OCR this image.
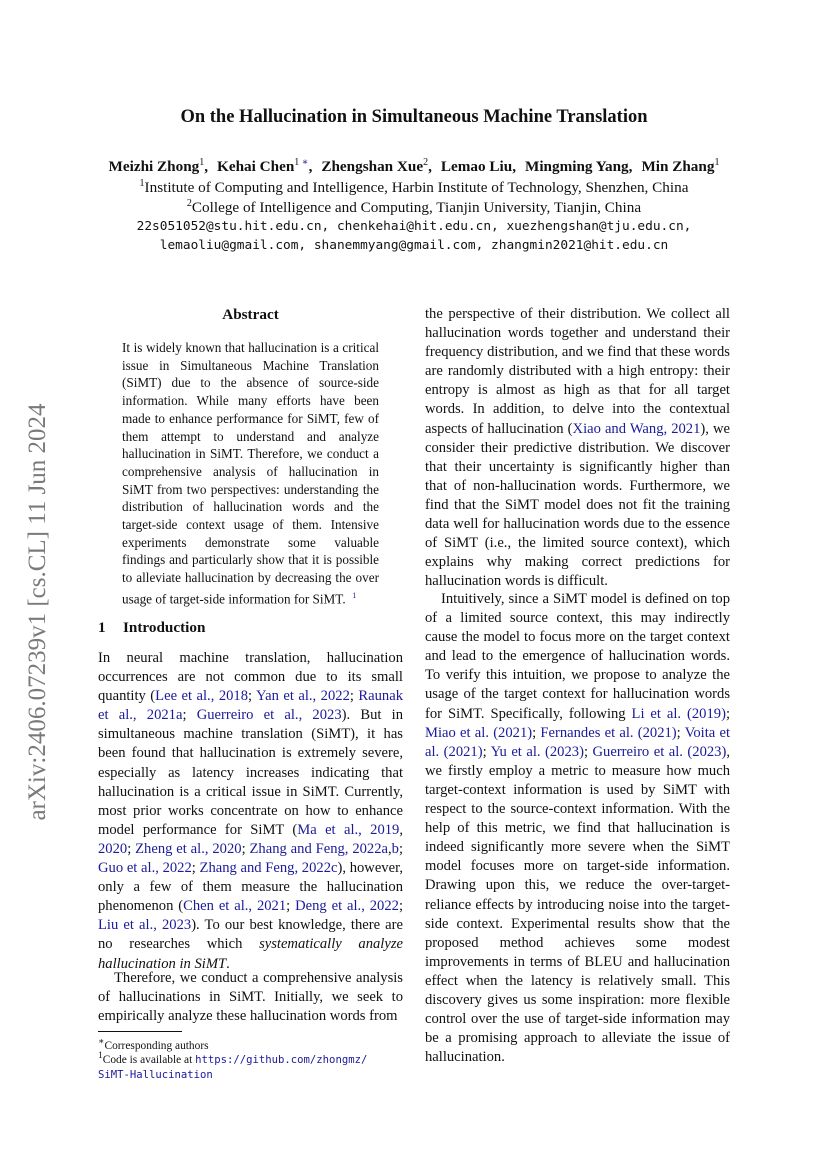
arXiv:2406.07239v1 [cs.CL] 11 Jun 2024
On the Hallucination in Simultaneous Machine Translation
Meizhi Zhong$^1$, Kehai Chen$^1$ ∗, Zhengshan Xue$^2$, Lemao Liu, Mingming Yang, Min Zhang$^1$
$^1$Institute of Computing and Intelligence, Harbin Institute of Technology, Shenzhen, China
$^2$College of Intelligence and Computing, Tianjin University, Tianjin, China
22s051052@stu.hit.edu.cn, chenkehai@hit.edu.cn, xuezhengshan@tju.edu.cn,
lemaoliu@gmail.com, shanemmyang@gmail.com, zhangmin2021@hit.edu.cn
Abstract

It is widely known that hallucination is a critical issue in Simultaneous Machine Translation (SiMT) due to the absence of source-side information. While many efforts have been made to enhance performance for SiMT, few of them attempt to understand and analyze hallucination in SiMT. Therefore, we conduct a comprehensive analysis of hallucination in SiMT from two perspectives: understanding the distribution of hallucination words and the target-side context usage of them. Intensive experiments demonstrate some valuable findings and particularly show that it is possible to alleviate hallucination by decreasing the over usage of target-side information for SiMT. $^1$

1 Introduction

In neural machine translation, hallucination occurrences are not common due to its small quantity (Lee et al., 2018; Yan et al., 2022; Raunak et al., 2021a; Guerreiro et al., 2023). But in simultaneous machine translation (SiMT), it has been found that hallucination is extremely severe, especially as latency increases indicating that hallucination is a critical issue in SiMT. Currently, most prior works concentrate on how to enhance model performance for SiMT (Ma et al., 2019, 2020; Zheng et al., 2020; Zhang and Feng, 2022a,b; Guo et al., 2022; Zhang and Feng, 2022c), however, only a few of them measure the hallucination phenomenon (Chen et al., 2021; Deng et al., 2022; Liu et al., 2023). To our best knowledge, there are no researches which systematically analyze hallucination in SiMT.

Therefore, we conduct a comprehensive analysis of hallucinations in SiMT. Initially, we seek to empirically analyze these hallucination words from

the perspective of their distribution. We collect all hallucination words together and understand their frequency distribution, and we find that these words are randomly distributed with a high entropy: their entropy is almost as high as that for all target words. In addition, to delve into the contextual aspects of hallucination (Xiao and Wang, 2021), we consider their predictive distribution. We discover that their uncertainty is significantly higher than that of non-hallucination words. Furthermore, we find that the SiMT model does not fit the training data well for hallucination words due to the essence of SiMT (i.e., the limited source context), which explains why making correct predictions for hallucination words is difficult.

Intuitively, since a SiMT model is defined on top of a limited source context, this may indirectly cause the model to focus more on the target context and lead to the emergence of hallucination words. To verify this intuition, we propose to analyze the usage of the target context for hallucination words for SiMT. Specifically, following Li et al. (2019); Miao et al. (2021); Fernandes et al. (2021); Voita et al. (2021); Yu et al. (2023); Guerreiro et al. (2023), we firstly employ a metric to measure how much target-context information is used by SiMT with respect to the source-context information. With the help of this metric, we find that hallucination is indeed significantly more severe when the SiMT model focuses more on target-side information. Drawing upon this, we reduce the over-target-reliance effects by introducing noise into the target-side context. Experimental results show that the proposed method achieves some modest improvements in terms of BLEU and hallucination effect when the latency is relatively small. This discovery gives us some inspiration: more flexible control over the use of target-side information may be a promising approach to alleviate the issue of hallucination.

∗Corresponding authors

$^1$Code is available at https://github.com/zhongmz/
SiMT-Hallucination
